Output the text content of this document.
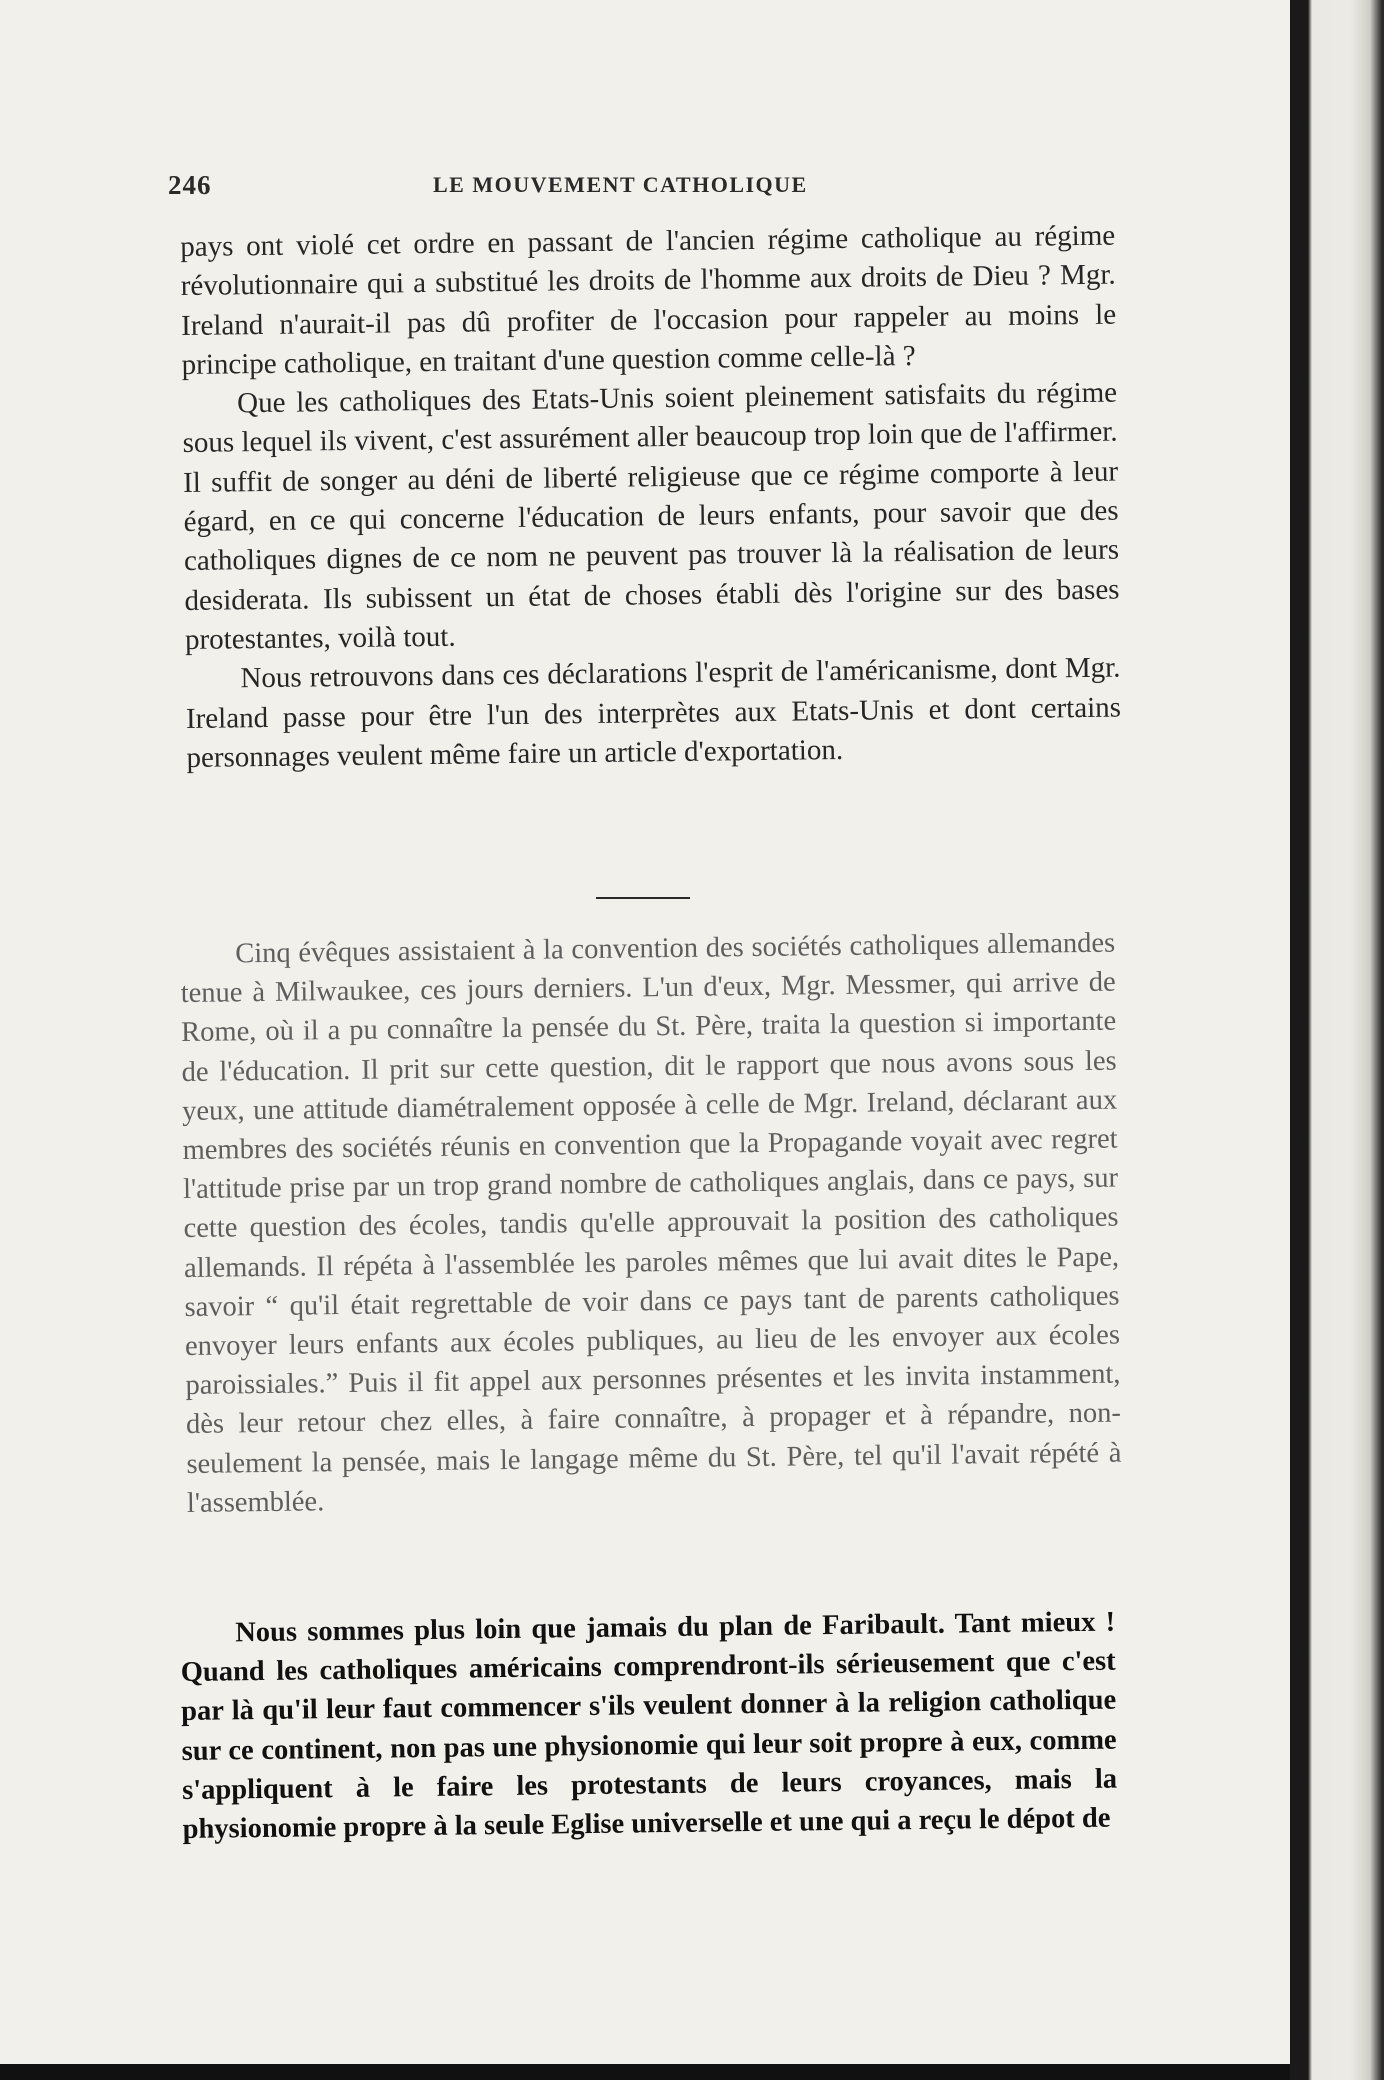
246	LE MOUVEMENT CATHOLIQUE

pays ont violé cet ordre en passant de l'ancien régime catholique au régime révolutionnaire qui a substitué les droits de l'homme aux droits de Dieu ? Mgr. Ireland n'aurait-il pas dû profiter de l'occasion pour rappeler au moins le principe catholique, en traitant d'une question comme celle-là ?

Que les catholiques des Etats-Unis soient pleinement satisfaits du régime sous lequel ils vivent, c'est assurément aller beaucoup trop loin que de l'affirmer. Il suffit de songer au déni de liberté religieuse que ce régime comporte à leur égard, en ce qui concerne l'éducation de leurs enfants, pour savoir que des catholiques dignes de ce nom ne peuvent pas trouver là la réalisation de leurs desiderata. Ils subissent un état de choses établi dès l'origine sur des bases protestantes, voilà tout.

Nous retrouvons dans ces déclarations l'esprit de l'américanisme, dont Mgr. Ireland passe pour être l'un des interprètes aux Etats-Unis et dont certains personnages veulent même faire un article d'exportation.

Cinq évêques assistaient à la convention des sociétés catholiques allemandes tenue à Milwaukee, ces jours derniers. L'un d'eux, Mgr. Messmer, qui arrive de Rome, où il a pu connaître la pensée du St. Père, traita la question si importante de l'éducation. Il prit sur cette question, dit le rapport que nous avons sous les yeux, une attitude diamétralement opposée à celle de Mgr. Ireland, déclarant aux membres des sociétés réunis en convention que la Propagande voyait avec regret l'attitude prise par un trop grand nombre de catholiques anglais, dans ce pays, sur cette question des écoles, tandis qu'elle approuvait la position des catholiques allemands. Il répéta à l'assemblée les paroles mêmes que lui avait dites le Pape, savoir “ qu'il était regrettable de voir dans ce pays tant de parents catholiques envoyer leurs enfants aux écoles publiques, au lieu de les envoyer aux écoles paroissiales.” Puis il fit appel aux personnes présentes et les invita instamment, dès leur retour chez elles, à faire connaître, à propager et à répandre, non-seulement la pensée, mais le langage même du St. Père, tel qu'il l'avait répété à l'assemblée.

Nous sommes plus loin que jamais du plan de Faribault. Tant mieux ! Quand les catholiques américains comprendront-ils sérieusement que c'est par là qu'il leur faut commencer s'ils veulent donner à la religion catholique sur ce continent, non pas une physionomie qui leur soit propre à eux, comme s'appliquent à le faire les protestants de leurs croyances, mais la physionomie propre à la seule Eglise universelle et une qui a reçu le dépot de
